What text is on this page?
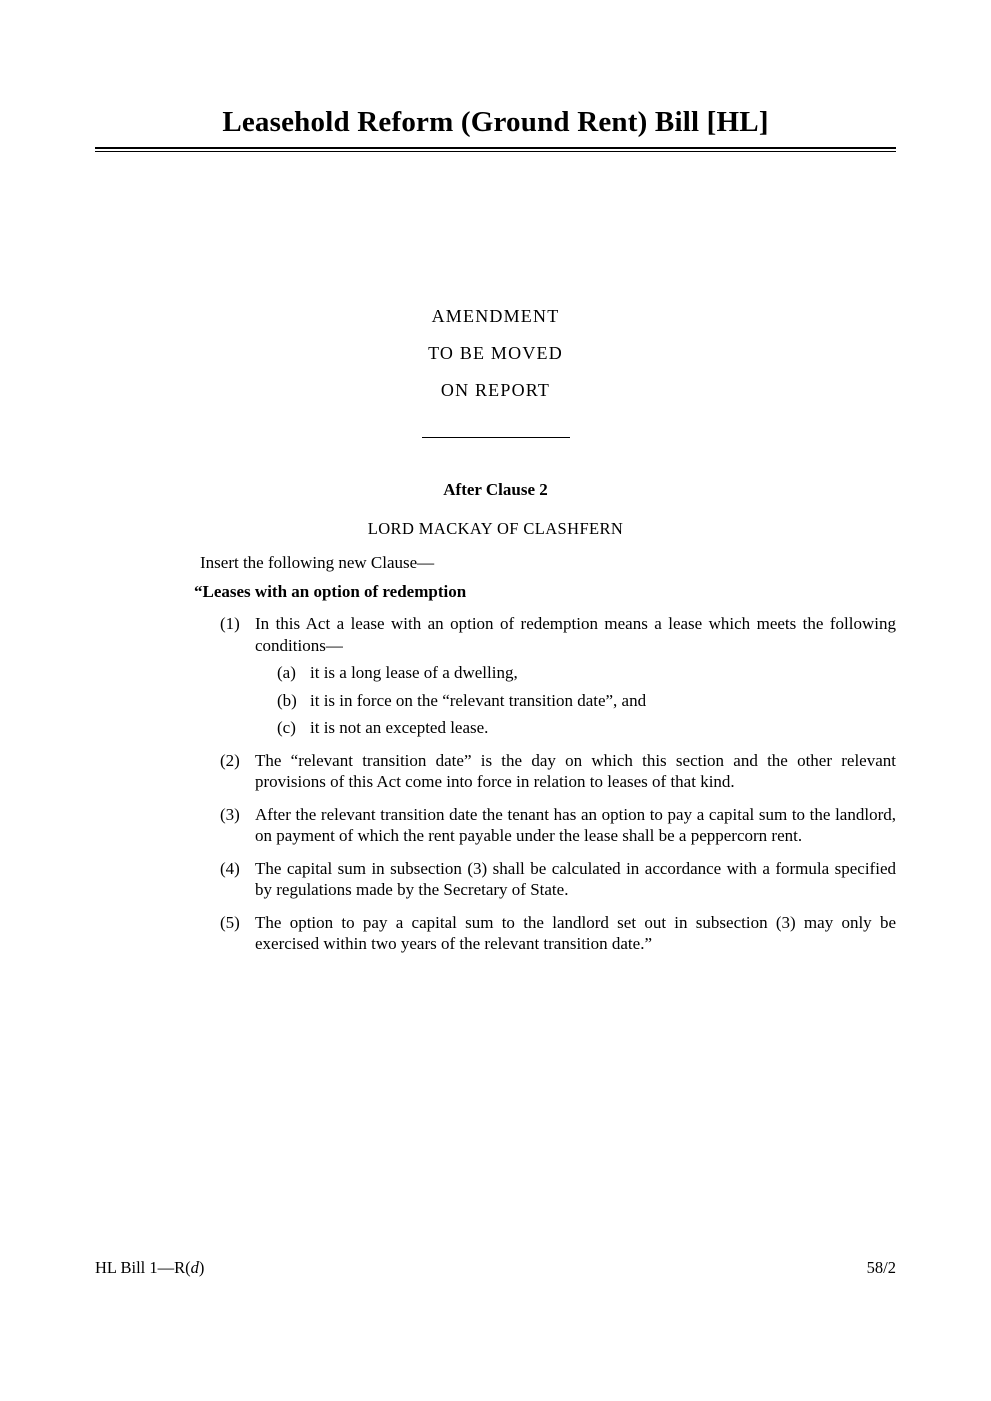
Leasehold Reform (Ground Rent) Bill [HL]
AMENDMENT
TO BE MOVED
ON REPORT
After Clause 2
LORD MACKAY OF CLASHFERN

Insert the following new Clause—

“Leases with an option of redemption

(1) In this Act a lease with an option of redemption means a lease which meets the following conditions—
(a) it is a long lease of a dwelling,
(b) it is in force on the “relevant transition date”, and
(c) it is not an excepted lease.
(2) The “relevant transition date” is the day on which this section and the other relevant provisions of this Act come into force in relation to leases of that kind.
(3) After the relevant transition date the tenant has an option to pay a capital sum to the landlord, on payment of which the rent payable under the lease shall be a peppercorn rent.
(4) The capital sum in subsection (3) shall be calculated in accordance with a formula specified by regulations made by the Secretary of State.
(5) The option to pay a capital sum to the landlord set out in subsection (3) may only be exercised within two years of the relevant transition date.”
HL Bill 1—R(d)	58/2
